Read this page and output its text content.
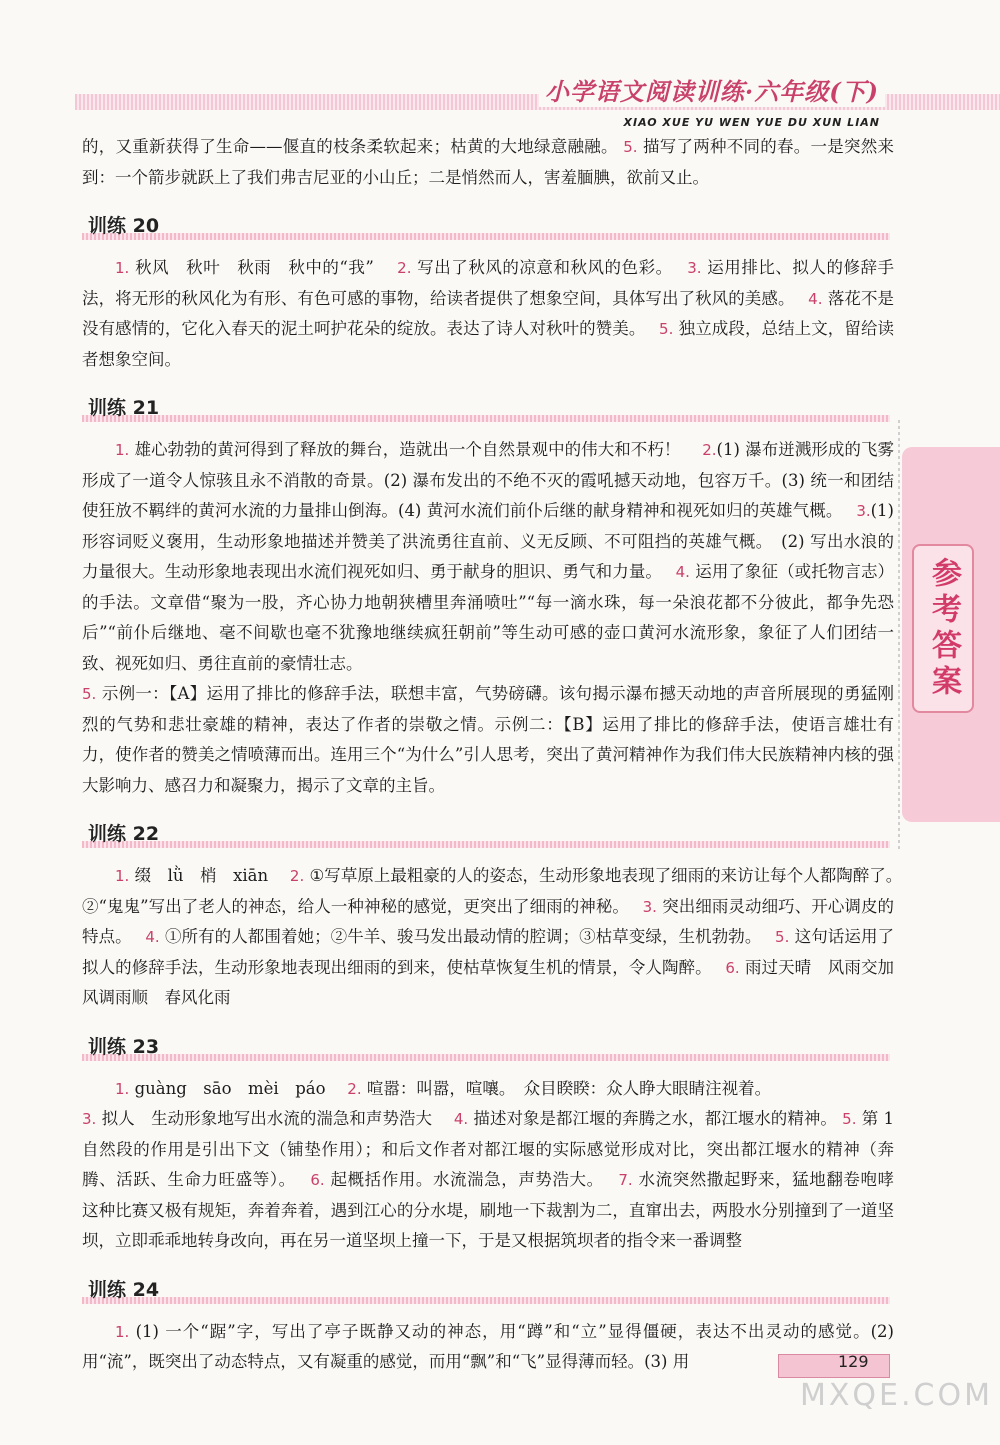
小学语文阅读训练·六年级(下)
XIAO XUE YU WEN YUE DU XUN LIAN
参考答案

的，又重新获得了生命——偃直的枝条柔软起来；枯黄的大地绿意融融。 5. 描写了两种不同的春。一是突然来到：一个箭步就跃上了我们弗吉尼亚的小山丘；二是悄然而人，害羞腼腆，欲前又止。

训练 20

1. 秋风　秋叶　秋雨　秋中的“我”　 2. 写出了秋风的凉意和秋风的色彩。　 3. 运用排比、拟人的修辞手法，将无形的秋风化为有形、有色可感的事物，给读者提供了想象空间，具体写出了秋风的美感。　 4. 落花不是没有感情的，它化入春天的泥土呵护花朵的绽放。表达了诗人对秋叶的赞美。　 5. 独立成段，总结上文，留给读者想象空间。

训练 21

1. 雄心勃勃的黄河得到了释放的舞台，造就出一个自然景观中的伟大和不朽！　 2.(1) 瀑布迸溅形成的飞雾形成了一道令人惊骇且永不消散的奇景。(2) 瀑布发出的不绝不灭的霞吼撼天动地，包容万千。(3) 统一和团结使狂放不羁绊的黄河水流的力量排山倒海。(4) 黄河水流们前仆后继的献身精神和视死如归的英雄气概。　 3.(1) 形容词贬义褒用，生动形象地描述并赞美了洪流勇往直前、义无反顾、不可阻挡的英雄气概。　(2) 写出水浪的力量很大。生动形象地表现出水流们视死如归、勇于献身的胆识、勇气和力量。　 4. 运用了象征（或托物言志）的手法。文章借“聚为一股，齐心协力地朝狭槽里奔涌喷吐”“每一滴水珠，每一朵浪花都不分彼此，都争先恐后”“前仆后继地、毫不间歇也毫不犹豫地继续疯狂朝前”等生动可感的壶口黄河水流形象，象征了人们团结一致、视死如归、勇往直前的豪情壮志。

5. 示例一：【A】运用了排比的修辞手法，联想丰富，气势磅礴。该句揭示瀑布撼天动地的声音所展现的勇猛刚烈的气势和悲壮豪雄的精神，表达了作者的崇敬之情。示例二：【B】运用了排比的修辞手法，使语言雄壮有力，使作者的赞美之情喷薄而出。连用三个“为什么”引人思考，突出了黄河精神作为我们伟大民族精神内核的强大影响力、感召力和凝聚力，揭示了文章的主旨。

训练 22

1. 缀　lǜ　梢　xiān　 2. ①写草原上最粗豪的人的姿态，生动形象地表现了细雨的来访让每个人都陶醉了。　②“鬼鬼”写出了老人的神态，给人一种神秘的感觉，更突出了细雨的神秘。　 3. 突出细雨灵动细巧、开心调皮的特点。　 4. ①所有的人都围着她；②牛羊、骏马发出最动情的腔调；③枯草变绿，生机勃勃。　 5. 这句话运用了拟人的修辞手法，生动形象地表现出细雨的到来，使枯草恢复生机的情景，令人陶醉。　 6. 雨过天晴　风雨交加　风调雨顺　春风化雨

训练 23

1. guàng　sāo　mèi　páo　 2. 喧嚣：叫嚣，喧嚷。　众目睽睽：众人睁大眼睛注视着。

3. 拟人　生动形象地写出水流的湍急和声势浩大　 4. 描述对象是都江堰的奔腾之水，都江堰水的精神。 5. 第 1 自然段的作用是引出下文（铺垫作用）；和后文作者对都江堰的实际感觉形成对比，突出都江堰水的精神（奔腾、活跃、生命力旺盛等）。　 6. 起概括作用。水流湍急，声势浩大。　 7. 水流突然撒起野来，猛地翻卷咆哮　这种比赛又极有规矩，奔着奔着，遇到江心的分水堤，刷地一下裁割为二，直窜出去，两股水分别撞到了一道坚坝，立即乖乖地转身改向，再在另一道坚坝上撞一下，于是又根据筑坝者的指令来一番调整

训练 24

1. (1) 一个“踞”字，写出了亭子既静又动的神态，用“蹲”和“立”显得僵硬，表达不出灵动的感觉。(2) 用“流”，既突出了动态特点，又有凝重的感觉，而用“飘”和“飞”显得薄而轻。(3) 用	129
MXQE.COM
